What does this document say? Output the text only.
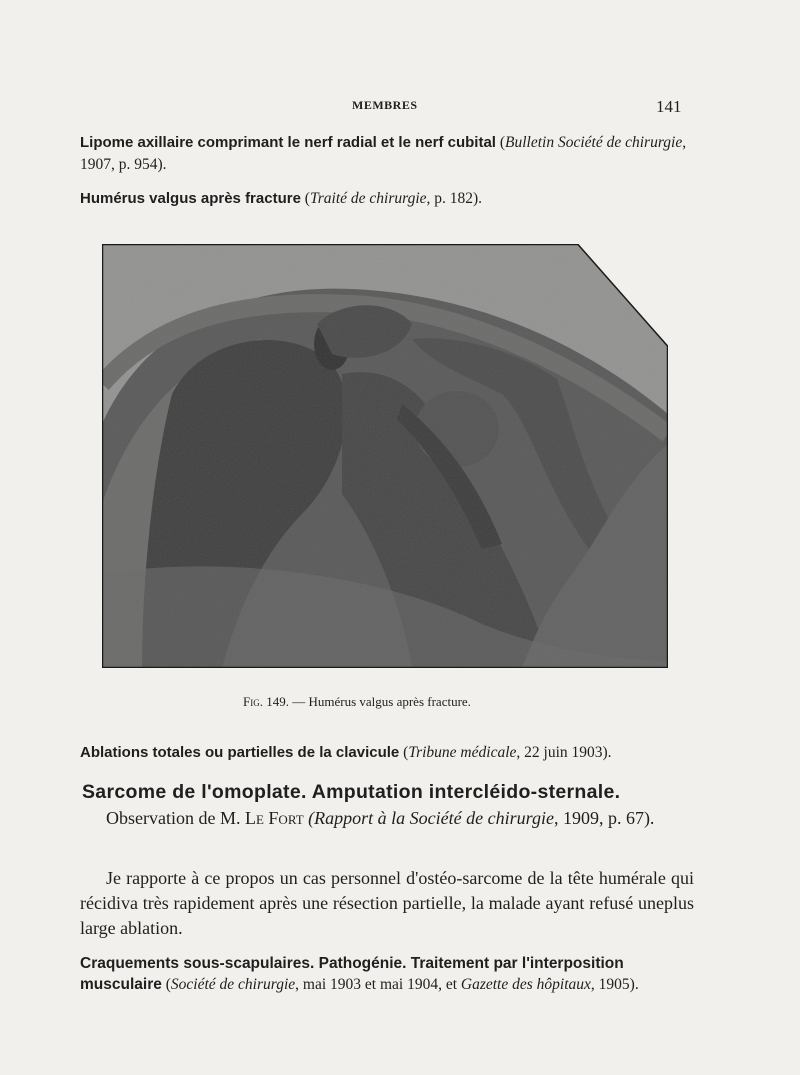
MEMBRES	141
Lipome axillaire comprimant le nerf radial et le nerf cubital (Bulletin Société de chirurgie, 1907, p. 954).
Humérus valgus après fracture (Traité de chirurgie, p. 182).
Fig. 149. — Humérus valgus après fracture.
Ablations totales ou partielles de la clavicule (Tribune médicale, 22 juin 1903).
Sarcome de l'omoplate. Amputation intercléido-sternale.
Observation de M. Le Fort (Rapport à la Société de chirurgie, 1909, p. 67).
Je rapporte à ce propos un cas personnel d'ostéo-sarcome de la tête humérale qui récidiva très rapidement après une résection partielle, la malade ayant refusé uneplus large ablation.
Craquements sous-scapulaires. Pathogénie. Traitement par l'interposition musculaire (Société de chirurgie, mai 1903 et mai 1904, et Gazette des hôpitaux, 1905).
